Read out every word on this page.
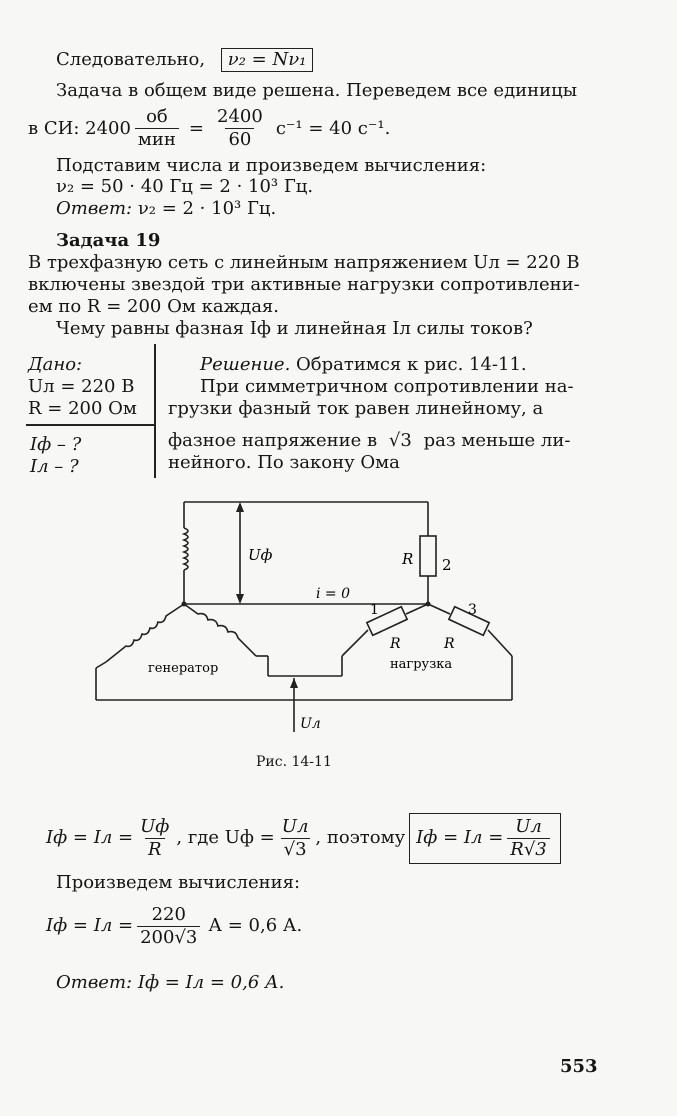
Следовательно, ν₂ = Nν₁
Задача в общем виде решена. Переведем все единицы
в СИ: $2400 \frac{об}{\text{мин}} = \frac{2400}{60} с^{-1} = 40$ с⁻¹.
Подставим числа и произведем вычисления:
ν₂ = 50 · 40 Гц = 2 · 10³ Гц.
Ответ: ν₂ = 2 · 10³ Гц.
Задача 19
В трехфазную сеть с линейным напряжением Uл = 220 В
включены звездой три активные нагрузки сопротивлени-
ем по R = 200 Ом каждая.
Чему равны фазная Iф и линейная Iл силы токов?
Дано:
Uл = 220 В
R = 200 Ом
Iф – ?
Iл – ?
Решение. Обратимся к рис. 14-11.
При симметричном сопротивлении на-
грузки фазный ток равен линейному, а
фазное напряжение в √3 раз меньше ли-
нейного. По закону Ома
Uф	R 2
i = 0
1	3
R	R
генератор	нагрузка
Uл
Рис. 14-11
Iф = Iл = $\frac{Uф}{R}$ , где Uф = $\frac{Uл}{√3}$ , поэтому Iф = Iл = $\frac{Uл}{R√3}$
Произведем вычисления:
Iф = Iл = $\frac{220}{200√3}$ А = 0,6 А.
Ответ: Iф = Iл = 0,6 А.
553
